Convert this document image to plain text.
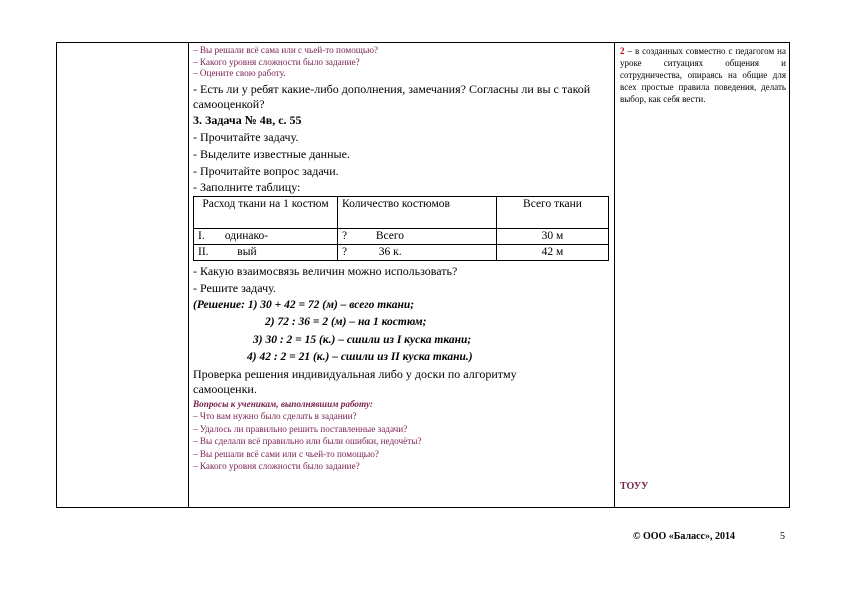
– Вы решали всё сама или с чьей-то помощью?
– Какого уровня сложности было задание?
– Оцените свою работу.
- Есть ли у ребят какие-либо дополнения, замечания? Согласны ли вы с такой самооценкой?
3. Задача № 4в, с. 55
- Прочитайте задачу.
- Выделите известные данные.
- Прочитайте вопрос задачи.
- Заполните таблицу:
Расход ткани на 1 костюм	Количество костюмов	Всего ткани
I.       одинако-	?          Всего	30 м
II.          вый	?           36 к.	42 м
- Какую взаимосвязь величин можно использовать?
- Решите задачу.
(Решение: 1) 30 + 42 = 72 (м) – всего ткани;
2) 72 : 36 = 2 (м) – на 1 костюм;
3) 30 : 2 = 15 (к.) – сшили из I куска ткани;
4) 42 : 2 = 21 (к.) – сшили из II куска ткани.)
Проверка решения индивидуальная либо у доски по алгоритму самооценки.
Вопросы к ученикам, выполнявшим работу:
– Что вам нужно было сделать в задании?
– Удалось ли правильно решить поставленные задачи?
– Вы сделали всё правильно или были ошибки, недочёты?
– Вы решали всё сами или с чьей-то помощью?
– Какого уровня сложности было задание?
2 – в созданных совместно с педагогом на уроке ситуациях общения и сотрудничества, опираясь на общие для всех простые правила поведения, делать выбор, как себя вести.
ТОУУ
© ООО «Баласс», 2014	5
